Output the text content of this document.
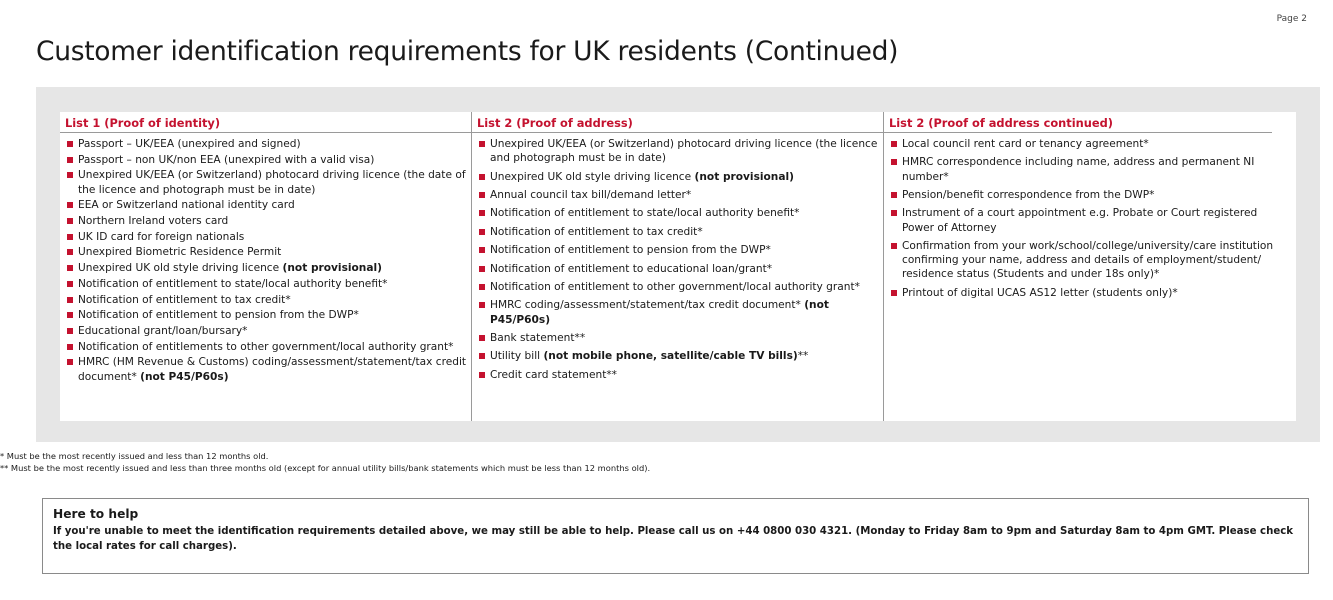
Page 2
Customer identification requirements for UK residents (Continued)
List 1 (Proof of identity)
Passport – UK/EEA (unexpired and signed)
Passport – non UK/non EEA (unexpired with a valid visa)
Unexpired UK/EEA (or Switzerland) photocard driving licence (the date of the licence and photograph must be in date)
EEA or Switzerland national identity card
Northern Ireland voters card
UK ID card for foreign nationals
Unexpired Biometric Residence Permit
Unexpired UK old style driving licence (not provisional)
Notification of entitlement to state/local authority benefit*
Notification of entitlement to tax credit*
Notification of entitlement to pension from the DWP*
Educational grant/loan/bursary*
Notification of entitlements to other government/local authority grant*
HMRC (HM Revenue & Customs) coding/assessment/statement/tax credit document* (not P45/P60s)
List 2 (Proof of address)
Unexpired UK/EEA (or Switzerland) photocard driving licence (the licence and photograph must be in date)
Unexpired UK old style driving licence (not provisional)
Annual council tax bill/demand letter*
Notification of entitlement to state/local authority benefit*
Notification of entitlement to tax credit*
Notification of entitlement to pension from the DWP*
Notification of entitlement to educational loan/grant*
Notification of entitlement to other government/local authority grant*
HMRC coding/assessment/statement/tax credit document* (not P45/P60s)
Bank statement**
Utility bill (not mobile phone, satellite/cable TV bills)**
Credit card statement**
List 2 (Proof of address continued)
Local council rent card or tenancy agreement*
HMRC correspondence including name, address and permanent NI number*
Pension/benefit correspondence from the DWP*
Instrument of a court appointment e.g. Probate or Court registered Power of Attorney
Confirmation from your work/school/college/university/care institution confirming your name, address and details of employment/student/ residence status (Students and under 18s only)*
Printout of digital UCAS AS12 letter (students only)*

* Must be the most recently issued and less than 12 months old.

** Must be the most recently issued and less than three months old (except for annual utility bills/bank statements which must be less than 12 months old).

Here to help
If you're unable to meet the identification requirements detailed above, we may still be able to help. Please call us on +44 0800 030 4321. (Monday to Friday 8am to 9pm and Saturday 8am to 4pm GMT. Please check the local rates for call charges).
